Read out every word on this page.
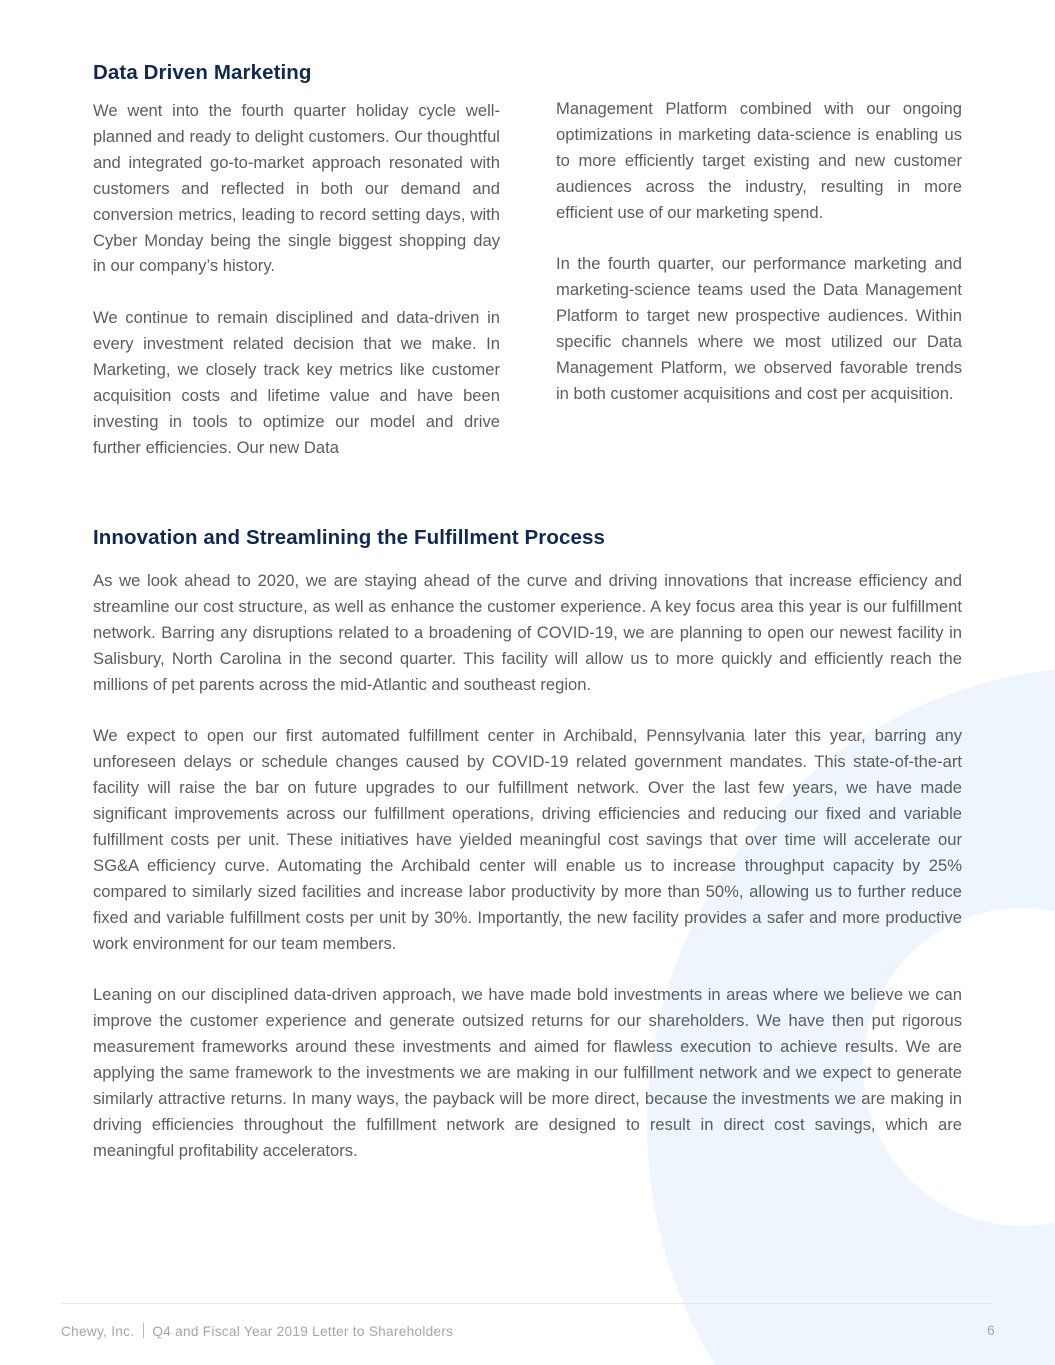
Data Driven Marketing

We went into the fourth quarter holiday cycle well-planned and ready to delight customers. Our thoughtful and integrated go-to-market approach resonated with customers and reflected in both our demand and conversion metrics, leading to record setting days, with Cyber Monday being the single biggest shopping day in our company’s history.

We continue to remain disciplined and data-driven in every investment related decision that we make. In Marketing, we closely track key metrics like customer acquisition costs and lifetime value and have been investing in tools to optimize our model and drive further efficiencies. Our new Data

Management Platform combined with our ongoing optimizations in marketing data-science is enabling us to more efficiently target existing and new customer audiences across the industry, resulting in more efficient use of our marketing spend.

In the fourth quarter, our performance marketing and marketing-science teams used the Data Management Platform to target new prospective audiences. Within specific channels where we most utilized our Data Management Platform, we observed favorable trends in both customer acquisitions and cost per acquisition.

Innovation and Streamlining the Fulfillment Process

As we look ahead to 2020, we are staying ahead of the curve and driving innovations that increase efficiency and streamline our cost structure, as well as enhance the customer experience. A key focus area this year is our fulfillment network. Barring any disruptions related to a broadening of COVID-19, we are planning to open our newest facility in Salisbury, North Carolina in the second quarter. This facility will allow us to more quickly and efficiently reach the millions of pet parents across the mid-Atlantic and southeast region.

We expect to open our first automated fulfillment center in Archibald, Pennsylvania later this year, barring any unforeseen delays or schedule changes caused by COVID-19 related government mandates. This state-of-the-art facility will raise the bar on future upgrades to our fulfillment network. Over the last few years, we have made significant improvements across our fulfillment operations, driving efficiencies and reducing our fixed and variable fulfillment costs per unit. These initiatives have yielded meaningful cost savings that over time will accelerate our SG&A efficiency curve. Automating the Archibald center will enable us to increase throughput capacity by 25% compared to similarly sized facilities and increase labor productivity by more than 50%, allowing us to further reduce fixed and variable fulfillment costs per unit by 30%. Importantly, the new facility provides a safer and more productive work environment for our team members.

Leaning on our disciplined data-driven approach, we have made bold investments in areas where we believe we can improve the customer experience and generate outsized returns for our shareholders. We have then put rigorous measurement frameworks around these investments and aimed for flawless execution to achieve results. We are applying the same framework to the investments we are making in our fulfillment network and we expect to generate similarly attractive returns. In many ways, the payback will be more direct, because the investments we are making in driving efficiencies throughout the fulfillment network are designed to result in direct cost savings, which are meaningful profitability accelerators.

Chewy, Inc. Q4 and Fiscal Year 2019 Letter to Shareholders	6
